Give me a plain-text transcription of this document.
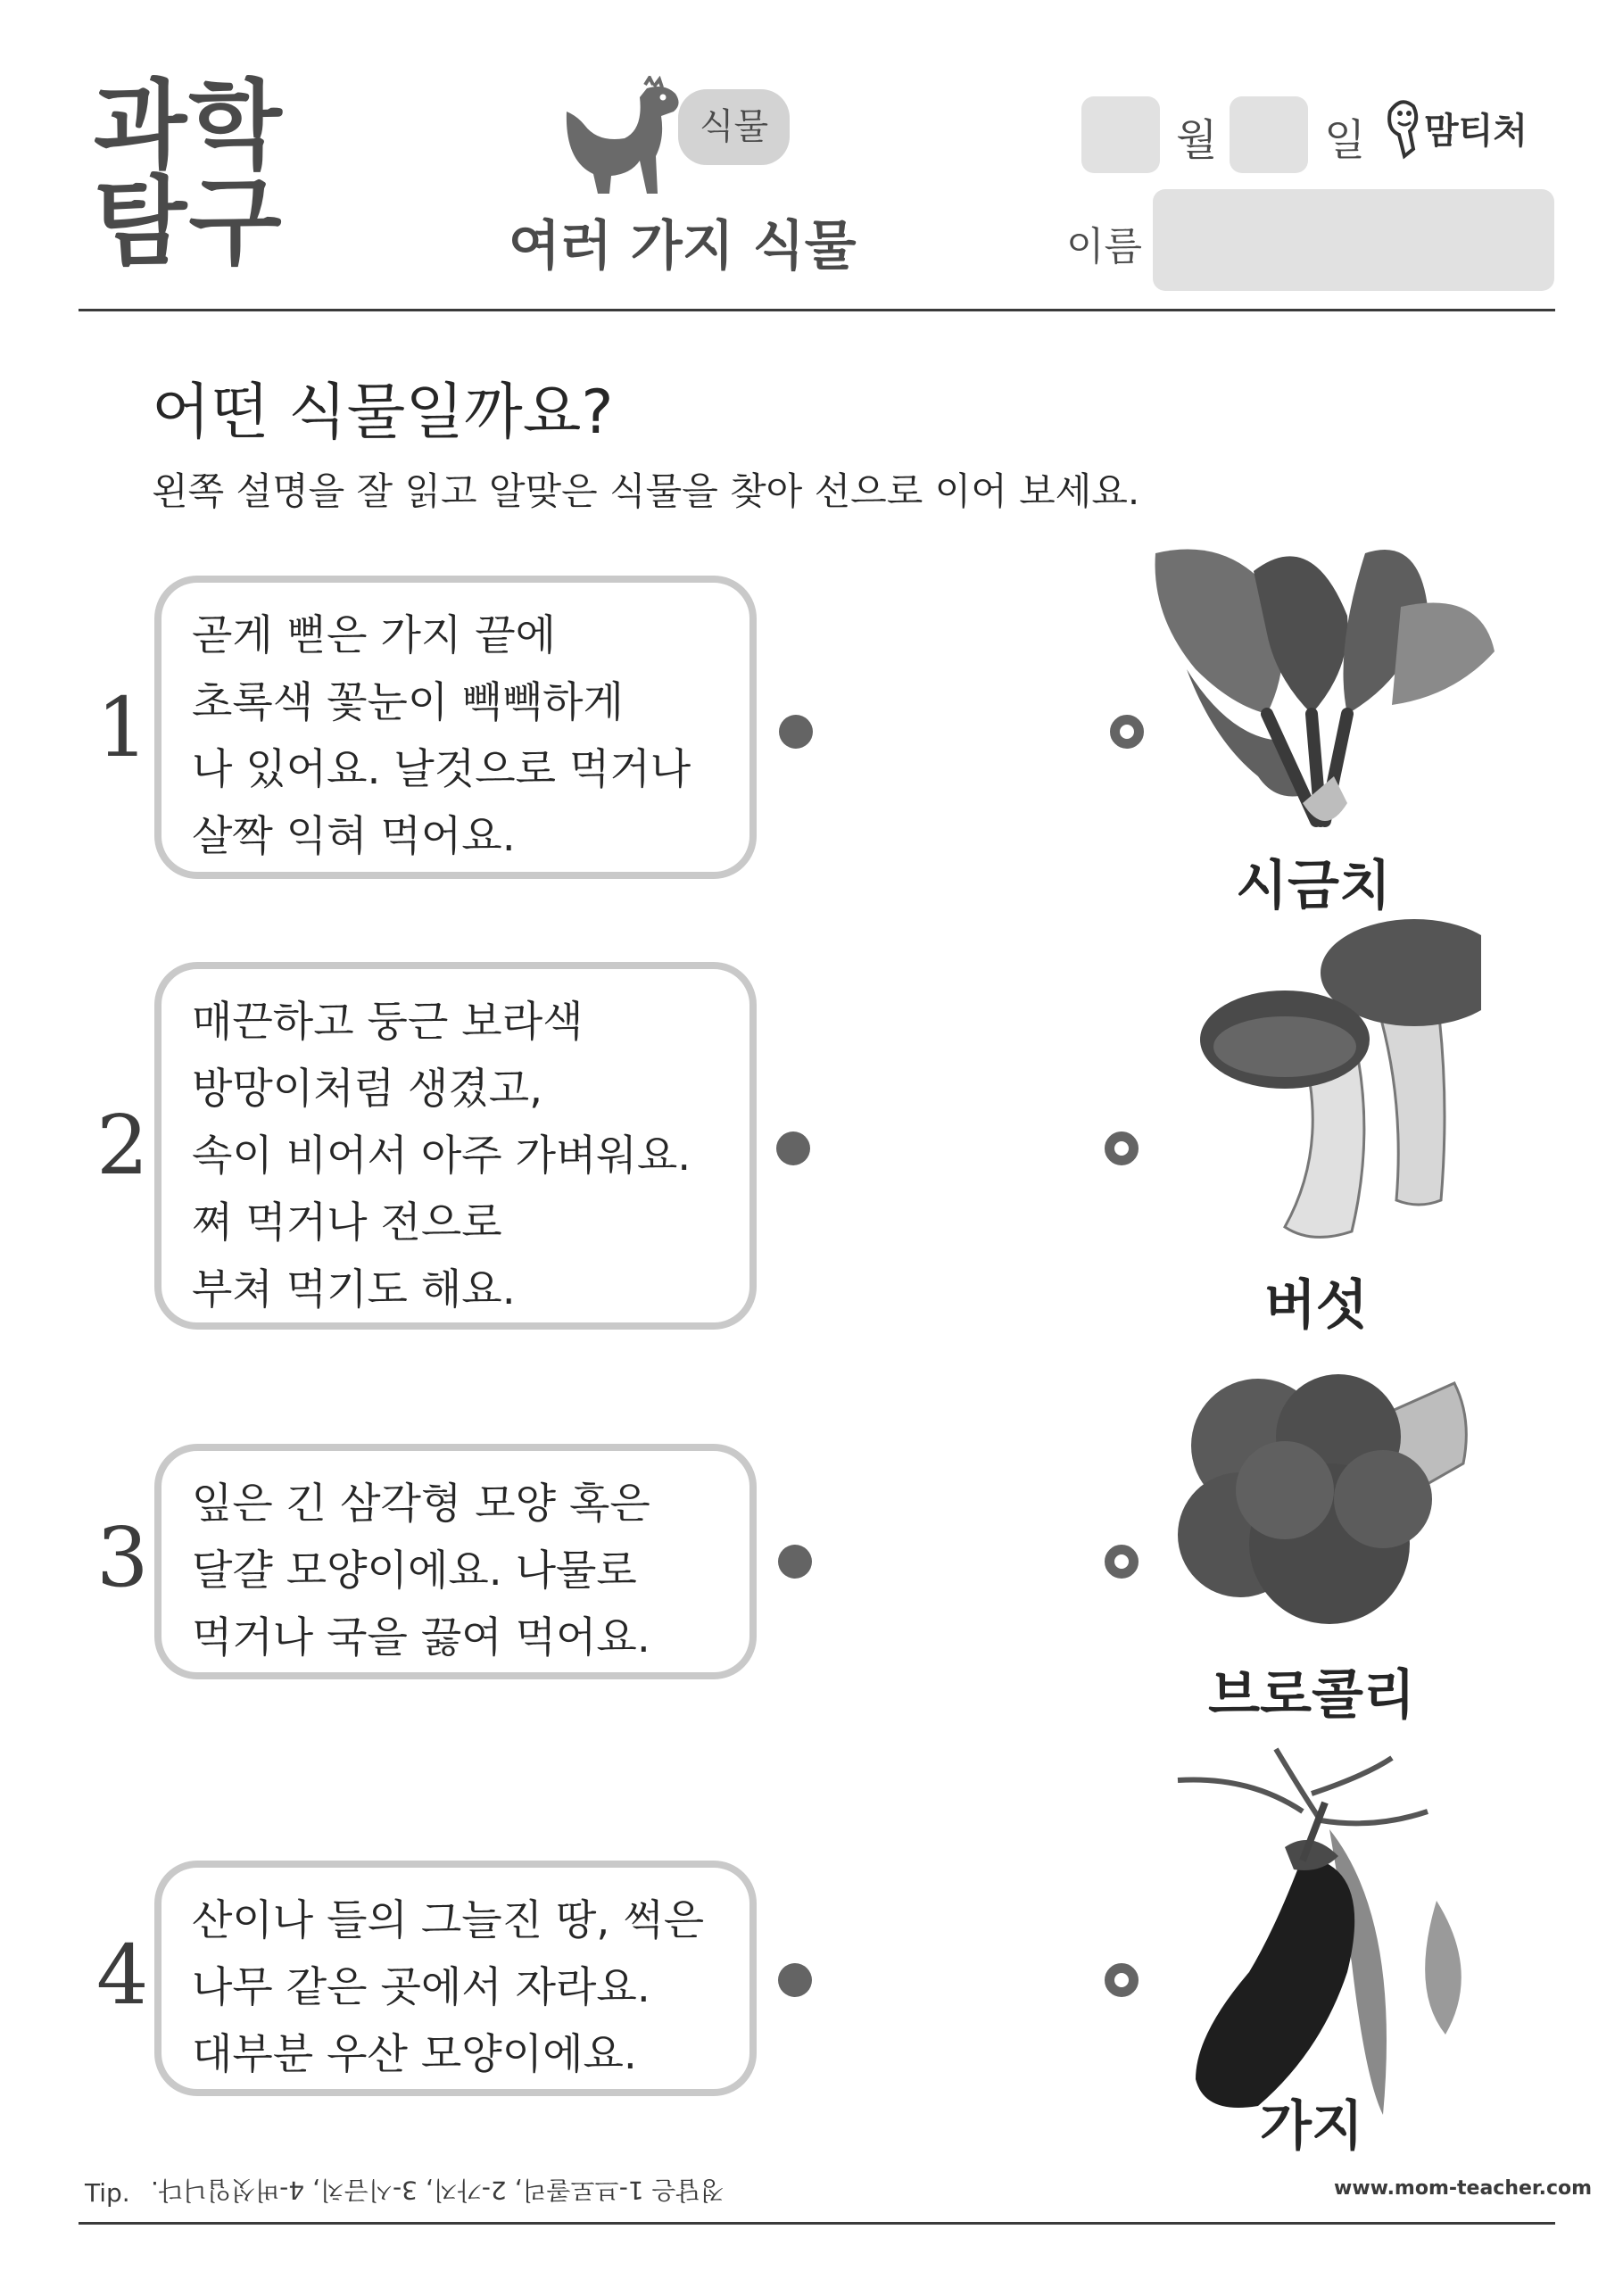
과학
탐구
식물
여러 가지 식물
월 일
이름
맘티처
어떤 식물일까요?
왼쪽 설명을 잘 읽고 알맞은 식물을 찾아 선으로 이어 보세요.
1
곧게 뻗은 가지 끝에
초록색 꽃눈이 빽빽하게
나 있어요. 날것으로 먹거나
살짝 익혀 먹어요.
시금치
2
매끈하고 둥근 보라색
방망이처럼 생겼고,
속이 비어서 아주 가벼워요.
쪄 먹거나 전으로
부쳐 먹기도 해요.	버섯
3
잎은 긴 삼각형 모양 혹은
달걀 모양이에요. 나물로
먹거나 국을 끓여 먹어요.
브로콜리
4
산이나 들의 그늘진 땅, 썩은
나무 같은 곳에서 자라요.
대부분 우산 모양이에요.
가지
Tip. 정답은 1-브로콜리, 2-가지, 3-시금치, 4-버섯입니다.	www.mom-teacher.com
